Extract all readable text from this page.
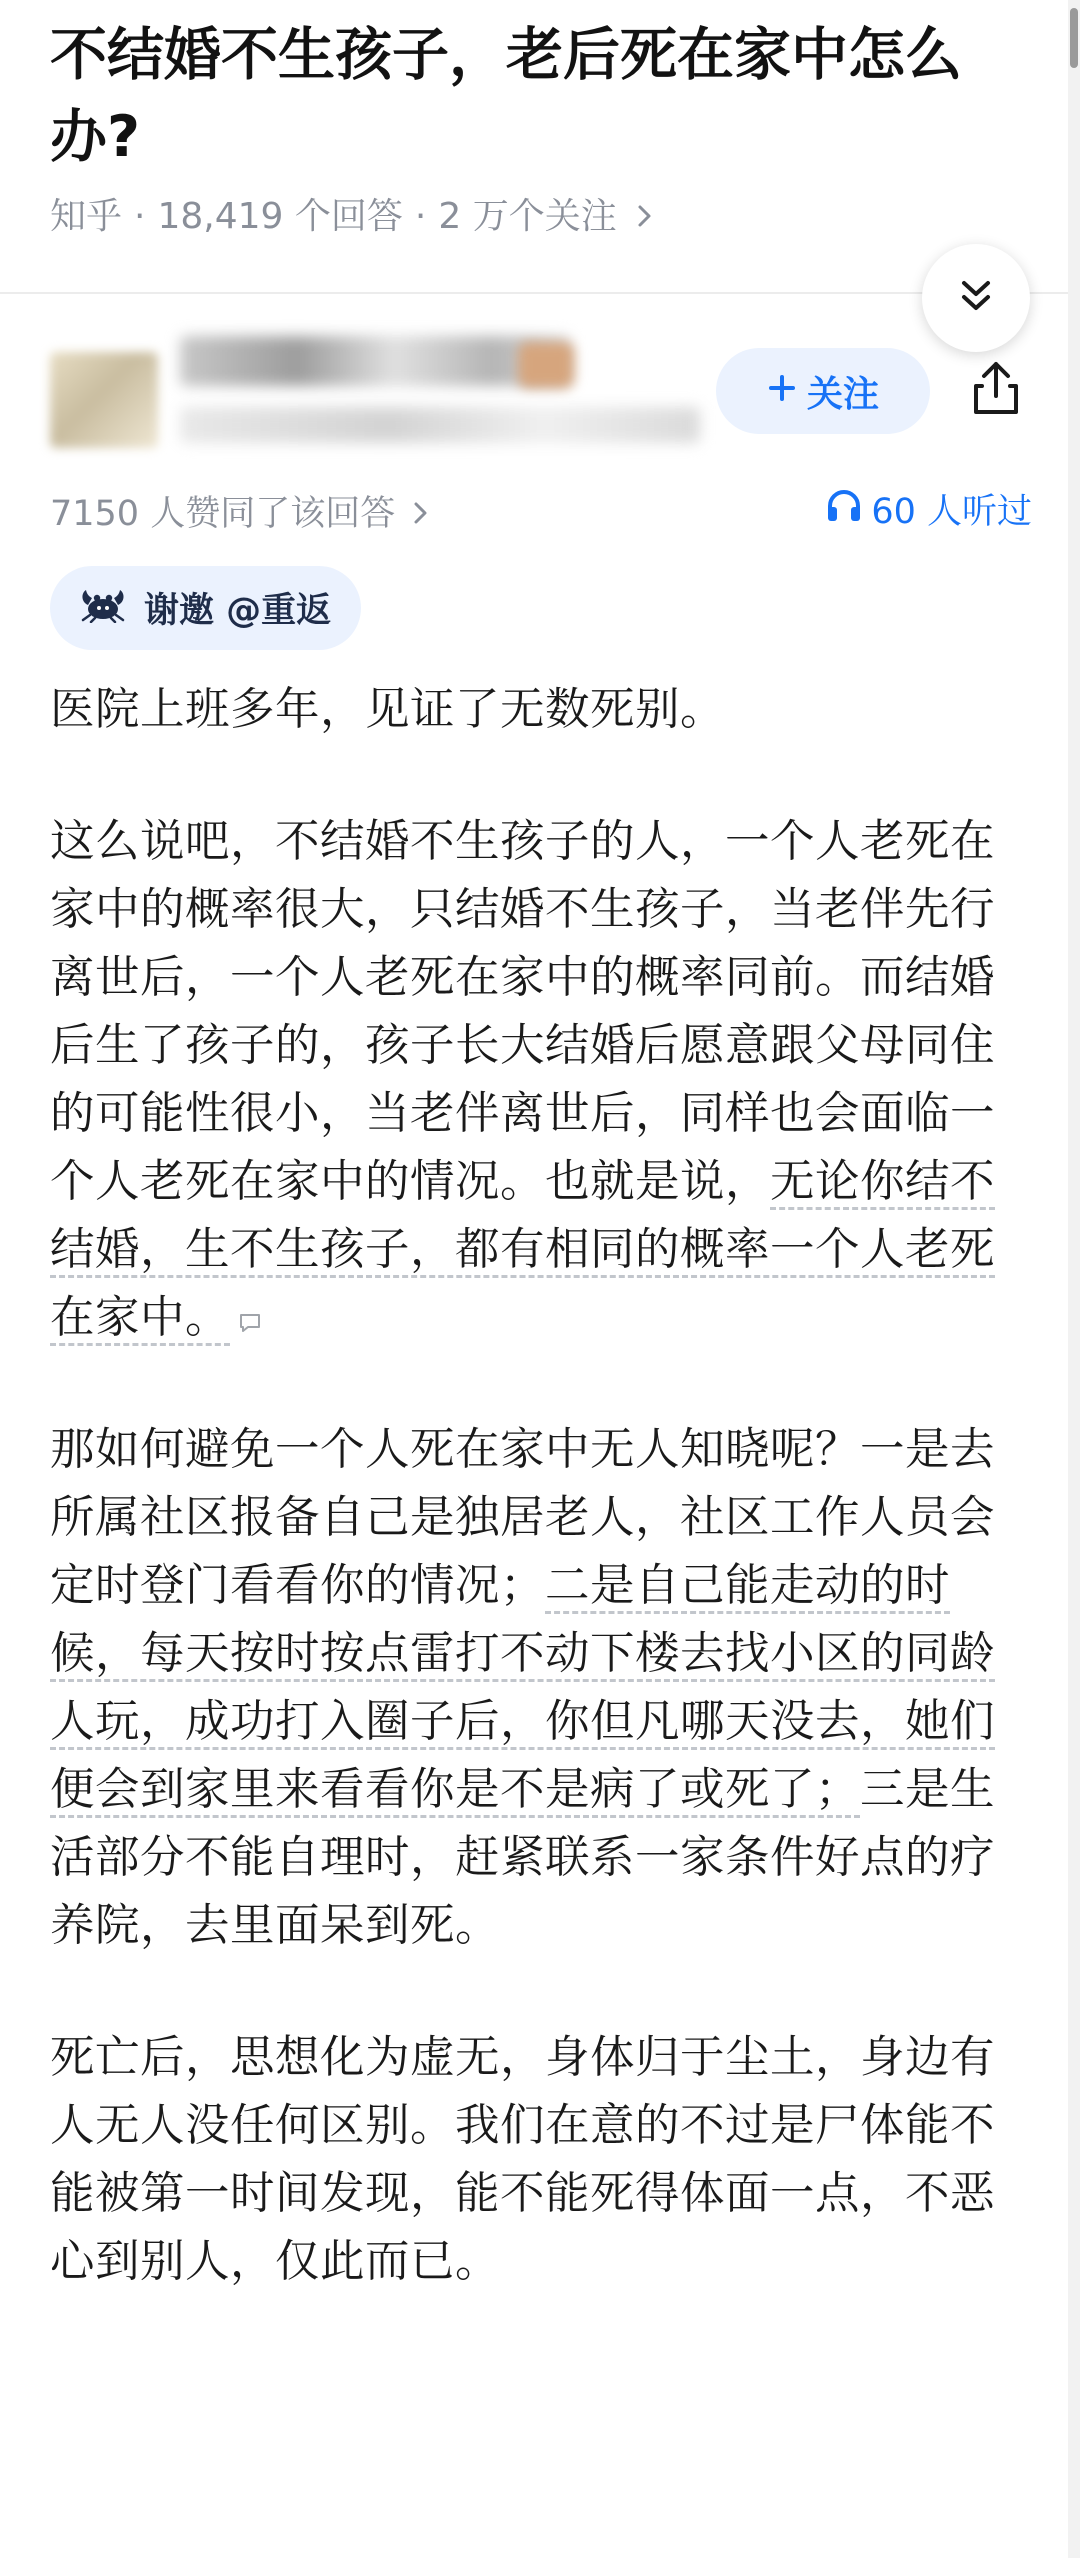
不结婚不生孩子，老后死在家中怎么办?
知乎 · 18,419 个回答 · 2 万个关注
关注
7150 人赞同了该回答	60 人听过
谢邀 @重返

医院上班多年，见证了无数死别。

这么说吧，不结婚不生孩子的人，一个人老死在家中的概率很大，只结婚不生孩子，当老伴先行离世后，一个人老死在家中的概率同前。而结婚后生了孩子的，孩子长大结婚后愿意跟父母同住的可能性很小，当老伴离世后，同样也会面临一个人老死在家中的情况。也就是说，无论你结不结婚，生不生孩子，都有相同的概率一个人老死在家中。

那如何避免一个人死在家中无人知晓呢？一是去所属社区报备自己是独居老人，社区工作人员会定时登门看看你的情况；二是自己能走动的时候，每天按时按点雷打不动下楼去找小区的同龄人玩，成功打入圈子后，你但凡哪天没去，她们便会到家里来看看你是不是病了或死了；三是生活部分不能自理时，赶紧联系一家条件好点的疗养院，去里面呆到死。

死亡后，思想化为虚无，身体归于尘土，身边有人无人没任何区别。我们在意的不过是尸体能不能被第一时间发现，能不能死得体面一点，不恶心到别人，仅此而已。
